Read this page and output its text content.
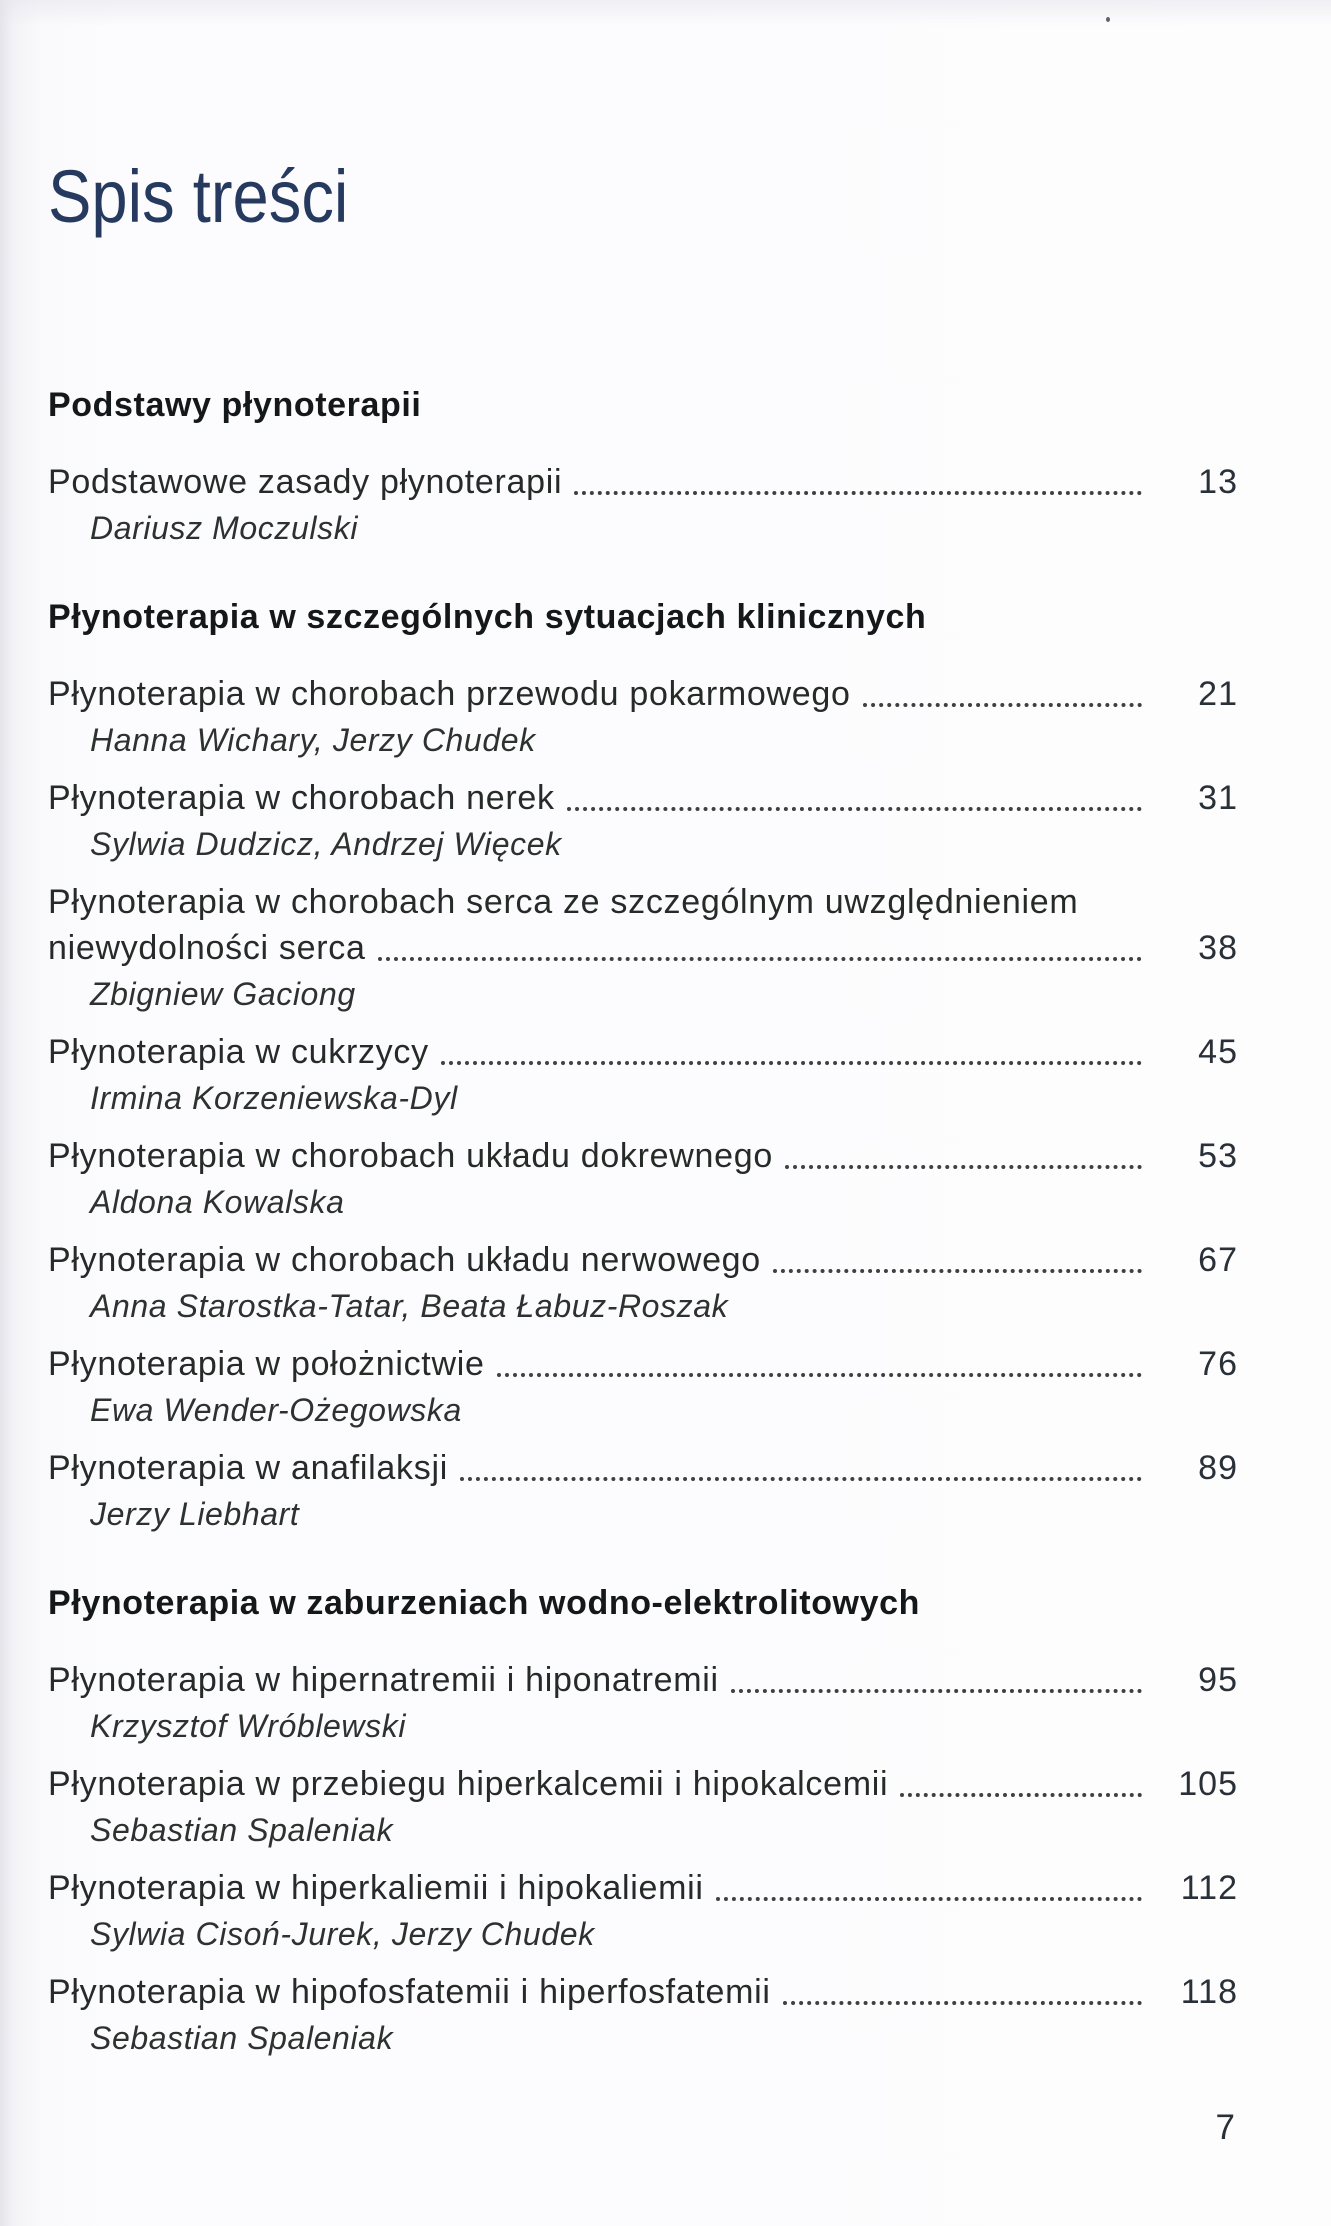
Spis treści
Podstawy płynoterapii
Podstawowe zasady płynoterapii	13
Dariusz Moczulski
Płynoterapia w szczególnych sytuacjach klinicznych
Płynoterapia w chorobach przewodu pokarmowego	21
Hanna Wichary, Jerzy Chudek
Płynoterapia w chorobach nerek	31
Sylwia Dudzicz, Andrzej Więcek
Płynoterapia w chorobach serca ze szczególnym uwzględnieniem
niewydolności serca	38
Zbigniew Gaciong
Płynoterapia w cukrzycy	45
Irmina Korzeniewska-Dyl
Płynoterapia w chorobach układu dokrewnego	53
Aldona Kowalska
Płynoterapia w chorobach układu nerwowego	67
Anna Starostka-Tatar, Beata Łabuz-Roszak
Płynoterapia w położnictwie	76
Ewa Wender-Ożegowska
Płynoterapia w anafilaksji	89
Jerzy Liebhart
Płynoterapia w zaburzeniach wodno-elektrolitowych
Płynoterapia w hipernatremii i hiponatremii	95
Krzysztof Wróblewski
Płynoterapia w przebiegu hiperkalcemii i hipokalcemii	105
Sebastian Spaleniak
Płynoterapia w hiperkaliemii i hipokaliemii	112
Sylwia Cisoń-Jurek, Jerzy Chudek
Płynoterapia w hipofosfatemii i hiperfosfatemii	118
Sebastian Spaleniak
7
